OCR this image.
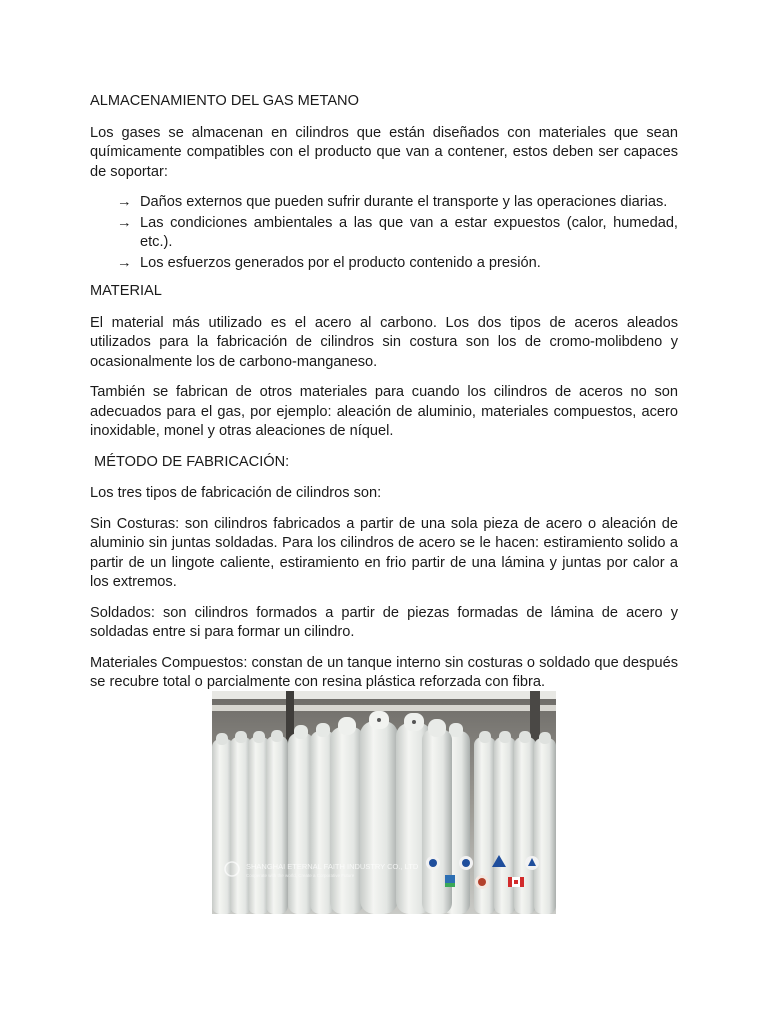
ALMACENAMIENTO DEL GAS METANO
Los gases se almacenan en cilindros que están diseñados con materiales que sean químicamente compatibles con el producto que van a contener, estos deben ser capaces de soportar:
→ Daños externos que pueden sufrir durante el transporte y las operaciones diarias.
→ Las condiciones ambientales a las que van a estar expuestos (calor, humedad, etc.).
→ Los esfuerzos generados por el producto contenido a presión.
MATERIAL
El material más utilizado es el acero al carbono. Los dos tipos de aceros aleados utilizados para la fabricación de cilindros sin costura son los de cromo-molibdeno y ocasionalmente los de carbono-manganeso.
También se fabrican de otros materiales para cuando los cilindros de aceros no son adecuados para el gas, por ejemplo: aleación de aluminio, materiales compuestos, acero inoxidable, monel y otras aleaciones de níquel.
MÉTODO DE FABRICACIÓN:
Los tres tipos de fabricación de cilindros son:
Sin Costuras: son cilindros fabricados a partir de una sola pieza de acero o aleación de aluminio sin juntas soldadas. Para los cilindros de acero se le hacen: estiramiento solido a partir de un lingote caliente, estiramiento en frio partir de una lámina y juntas por calor a los extremos.
Soldados: son cilindros formados a partir de piezas formadas de lámina de acero y soldadas entre si para formar un cilindro.
Materiales Compuestos: constan de un tanque interno sin costuras o soldado que después se recubre total o parcialmente con resina plástica reforzada con fibra.
SHANGHAI ETERNAL FAITH INDUSTRY CO., LTD
Cooperate with the world, Create a Corporative Future
